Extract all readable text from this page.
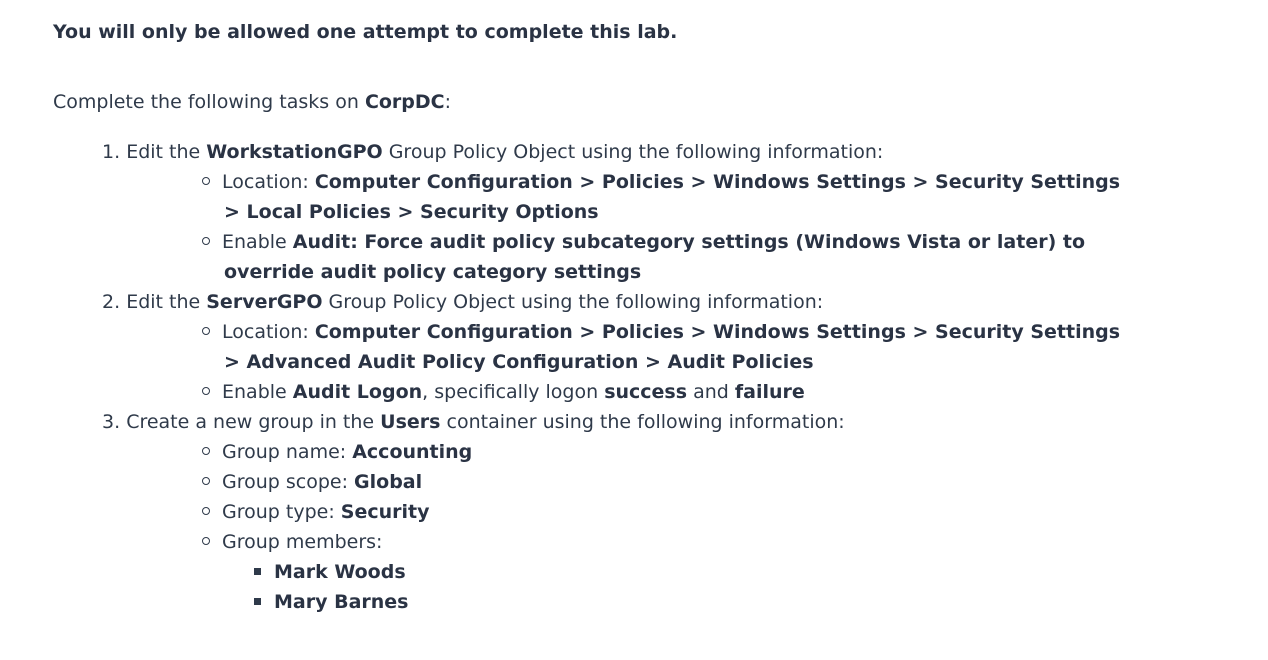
You will only be allowed one attempt to complete this lab.
Complete the following tasks on CorpDC:
1. Edit the WorkstationGPO Group Policy Object using the following information:
Location: Computer Configuration > Policies > Windows Settings > Security Settings
> Local Policies > Security Options
Enable Audit: Force audit policy subcategory settings (Windows Vista or later) to
override audit policy category settings
2. Edit the ServerGPO Group Policy Object using the following information:
Location: Computer Configuration > Policies > Windows Settings > Security Settings
> Advanced Audit Policy Configuration > Audit Policies
Enable Audit Logon, specifically logon success and failure
3. Create a new group in the Users container using the following information:
Group name: Accounting
Group scope: Global
Group type: Security
Group members:
Mark Woods
Mary Barnes
